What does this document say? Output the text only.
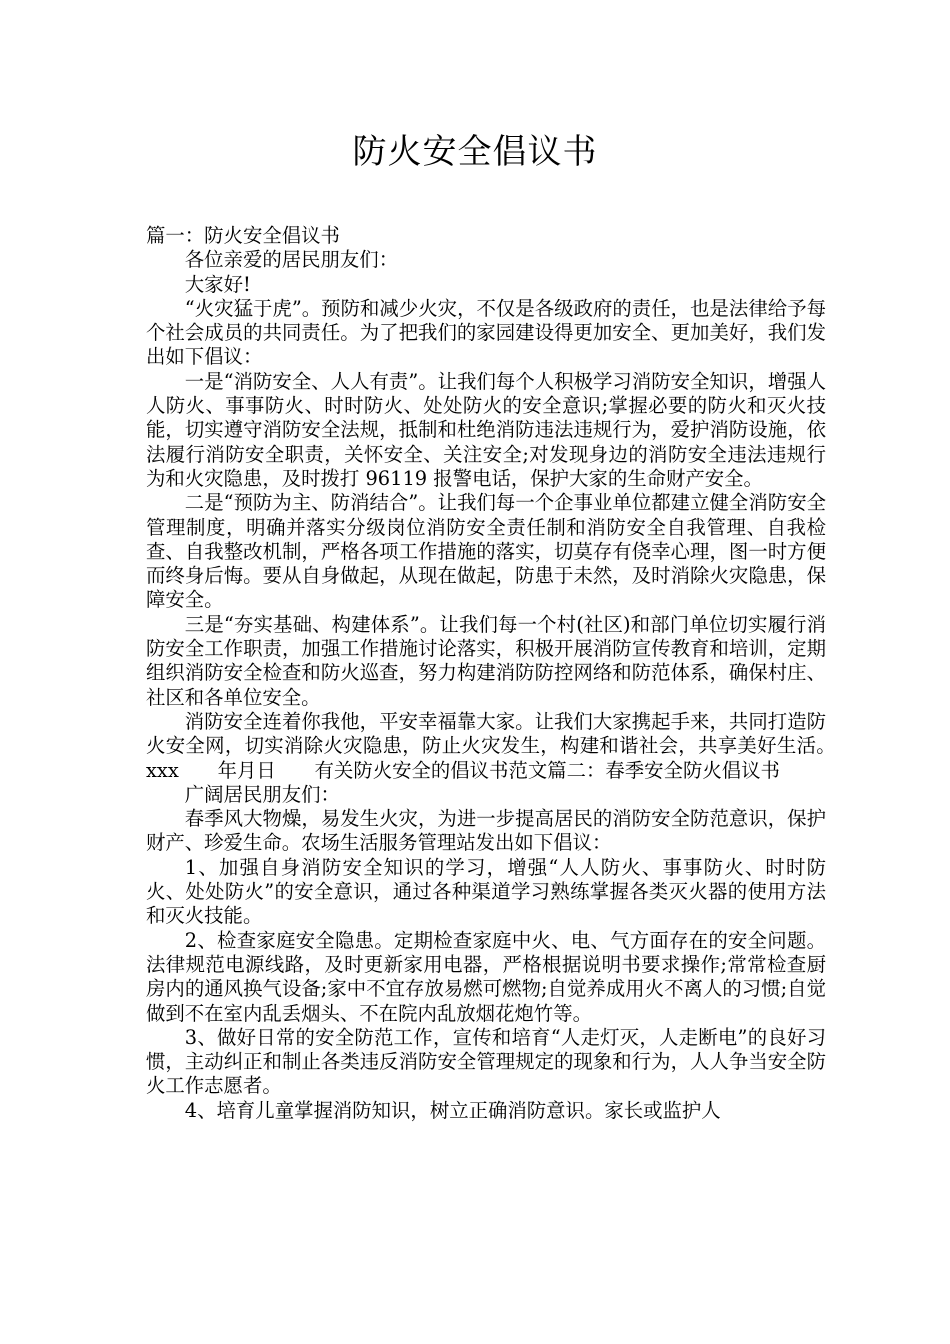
防火安全倡议书

篇一：防火安全倡议书

各位亲爱的居民朋友们：

大家好!

“火灾猛于虎”。预防和减少火灾，不仅是各级政府的责任，也是法律给予每个社会成员的共同责任。为了把我们的家园建设得更加安全、更加美好，我们发出如下倡议：

一是“消防安全、人人有责”。让我们每个人积极学习消防安全知识，增强人人防火、事事防火、时时防火、处处防火的安全意识;掌握必要的防火和灭火技能，切实遵守消防安全法规，抵制和杜绝消防违法违规行为，爱护消防设施，依法履行消防安全职责，关怀安全、关注安全;对发现身边的消防安全违法违规行为和火灾隐患，及时拨打 96119 报警电话，保护大家的生命财产安全。

二是“预防为主、防消结合”。让我们每一个企事业单位都建立健全消防安全管理制度，明确并落实分级岗位消防安全责任制和消防安全自我管理、自我检查、自我整改机制，严格各项工作措施的落实，切莫存有侥幸心理，图一时方便而终身后悔。要从自身做起，从现在做起，防患于未然，及时消除火灾隐患，保障安全。

三是“夯实基础、构建体系”。让我们每一个村(社区)和部门单位切实履行消防安全工作职责，加强工作措施讨论落实，积极开展消防宣传教育和培训，定期组织消防安全检查和防火巡查，努力构建消防防控网络和防范体系，确保村庄、社区和各单位安全。

消防安全连着你我他，平安幸福靠大家。让我们大家携起手来，共同打造防火安全网，切实消除火灾隐患，防止火灾发生，构建和谐社会，共享美好生活。　　xxx　　年月日　　有关防火安全的倡议书范文篇二：春季安全防火倡议书

广阔居民朋友们：

春季风大物燥，易发生火灾，为进一步提高居民的消防安全防范意识，保护财产、珍爱生命。农场生活服务管理站发出如下倡议：

1、加强自身消防安全知识的学习，增强“人人防火、事事防火、时时防火、处处防火”的安全意识，通过各种渠道学习熟练掌握各类灭火器的使用方法和灭火技能。

2、检查家庭安全隐患。定期检查家庭中火、电、气方面存在的安全问题。法律规范电源线路，及时更新家用电器，严格根据说明书要求操作;常常检查厨房内的通风换气设备;家中不宜存放易燃可燃物;自觉养成用火不离人的习惯;自觉做到不在室内乱丢烟头、不在院内乱放烟花炮竹等。

3、做好日常的安全防范工作，宣传和培育“人走灯灭，人走断电”的良好习惯，主动纠正和制止各类违反消防安全管理规定的现象和行为，人人争当安全防火工作志愿者。

4、培育儿童掌握消防知识，树立正确消防意识。家长或监护人
